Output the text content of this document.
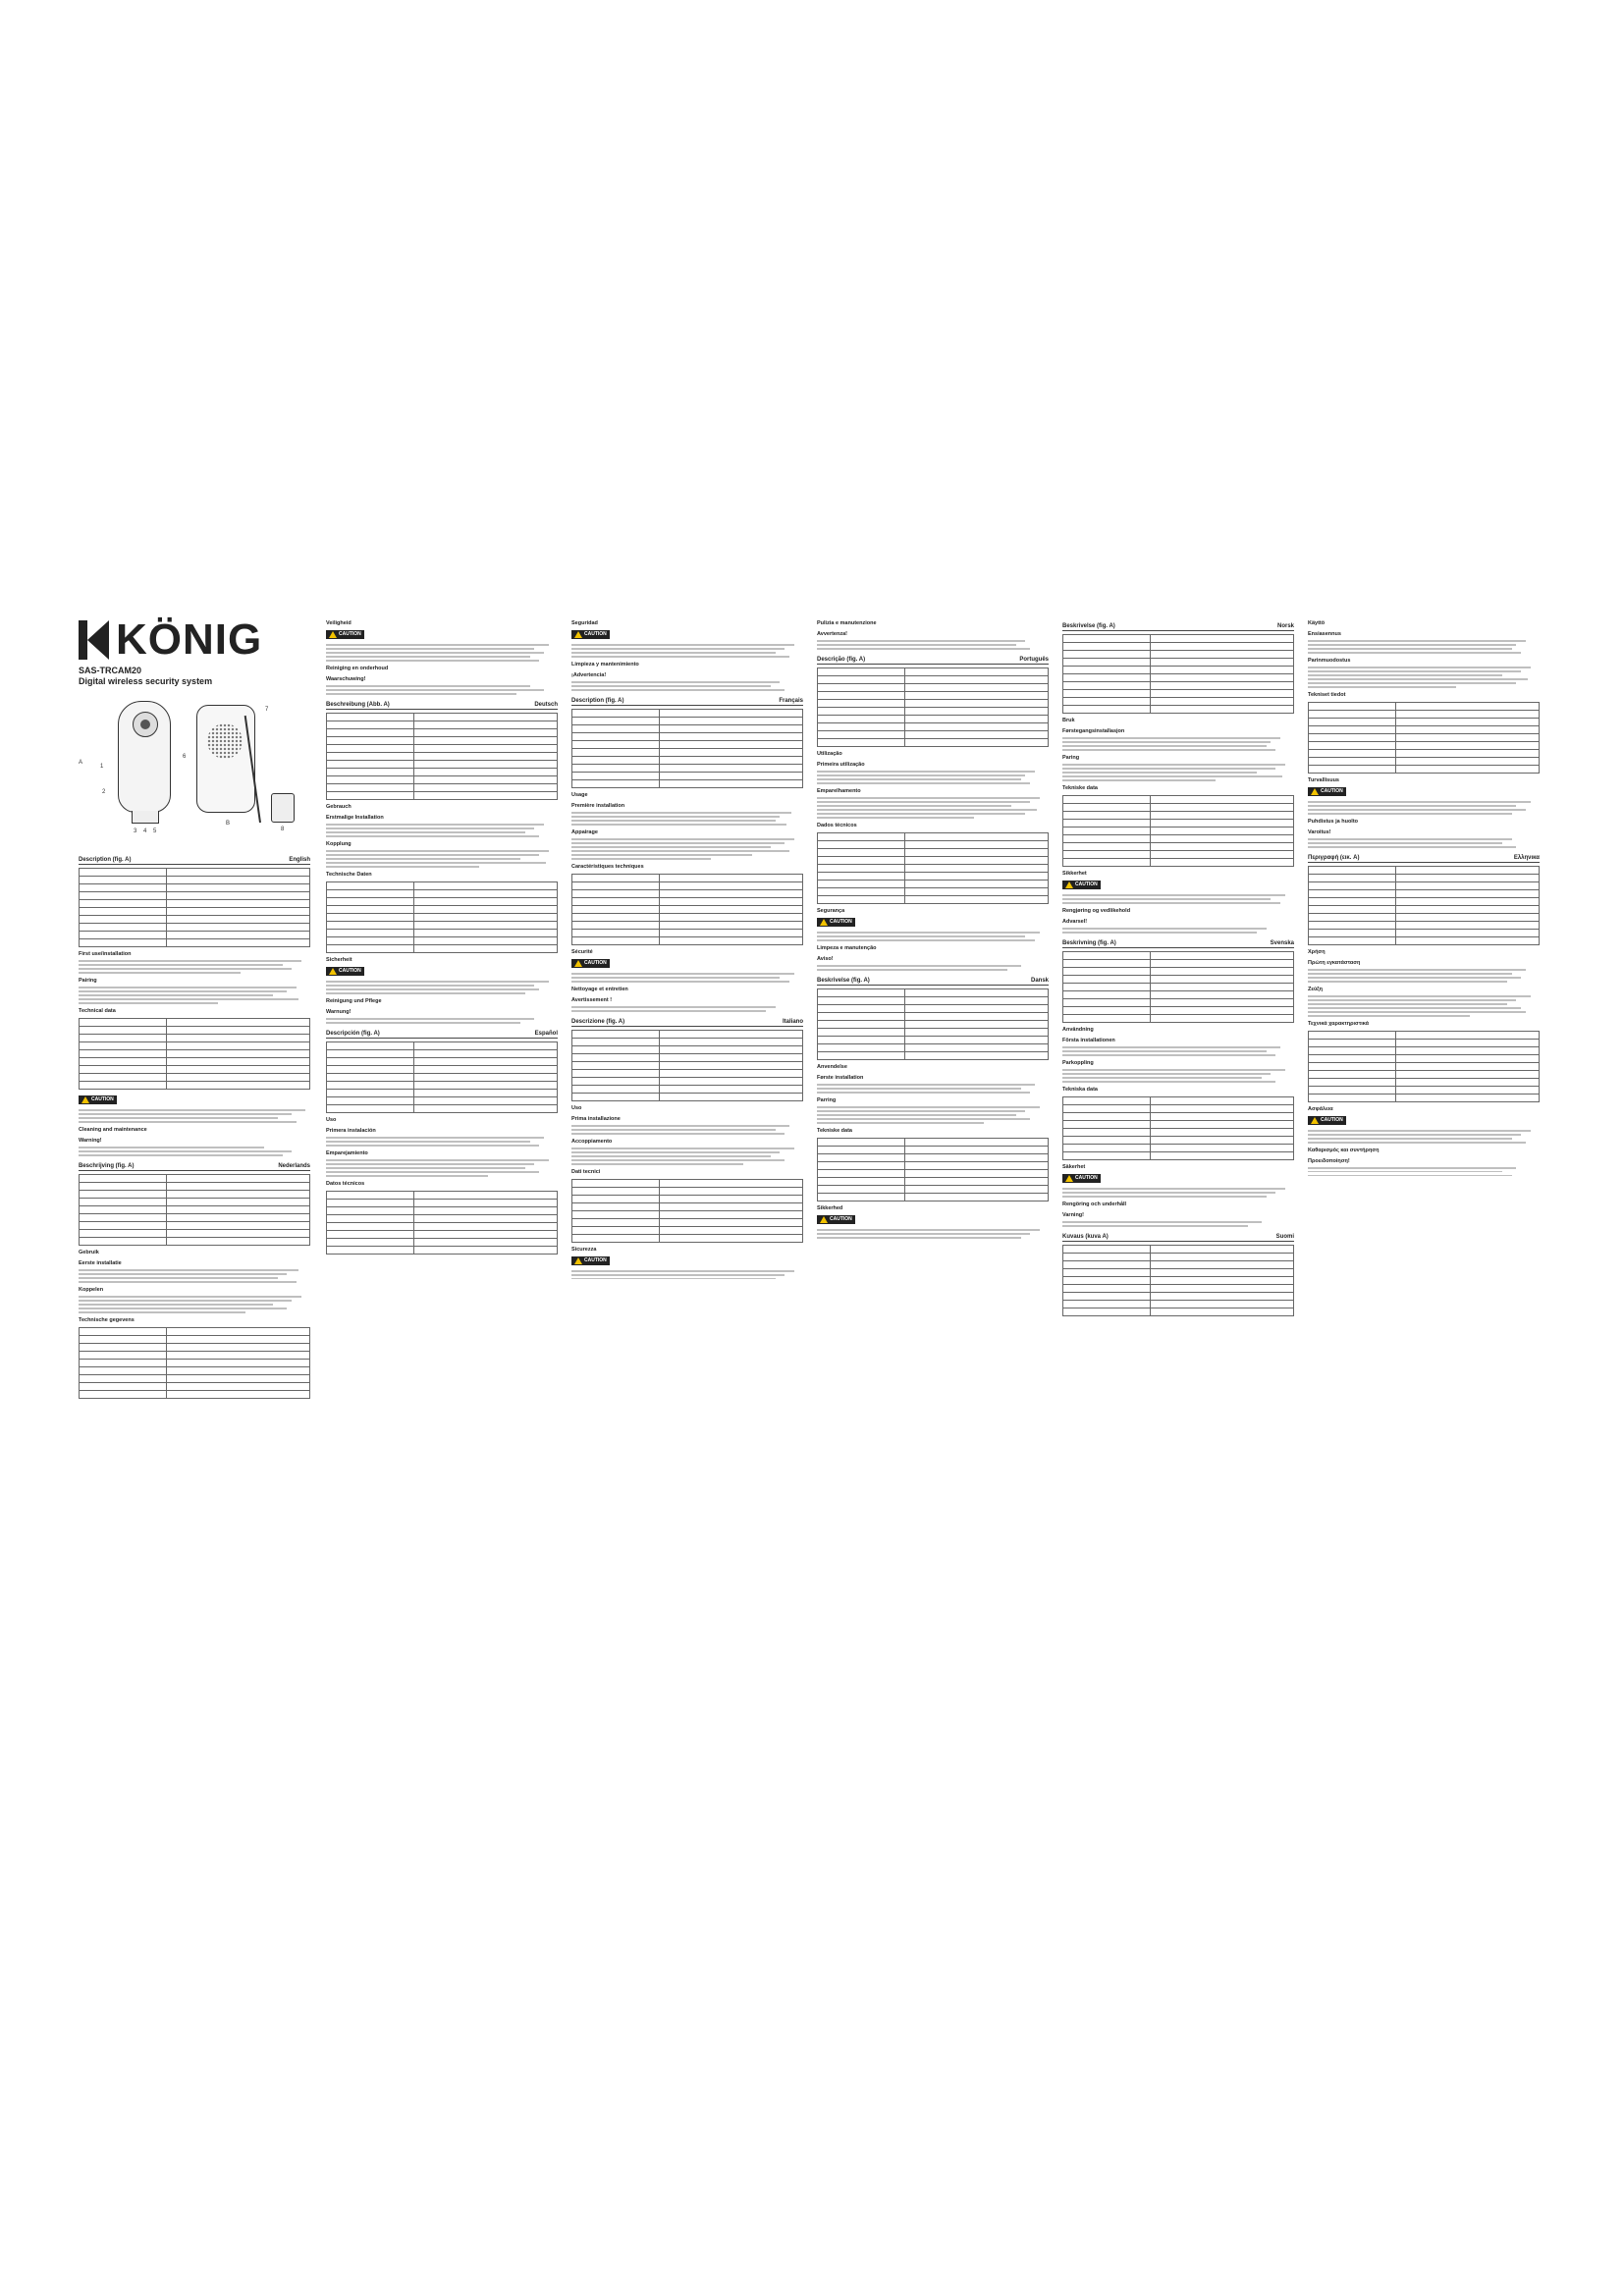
KÖNIG
SAS-TRCAM20
Digital wireless security system
A
1
2
3 4 5
6
B
7
8
Description (fig. A)	English

First use/installation
Pairing
Technical data

CAUTION
Cleaning and maintenance
Warning!
Beschrijving (fig. A)	Nederlands

Gebruik
Eerste installatie
Koppelen
Technische gegevens

Veiligheid
CAUTION
Reiniging en onderhoud
Waarschuwing!
Beschreibung (Abb. A)	Deutsch

Gebrauch
Erstmalige Installation
Kopplung
Technische Daten

Sicherheit
CAUTION
Reinigung und Pflege
Warnung!
Descripción (fig. A)	Español

Uso
Primera instalación
Emparejamiento
Datos técnicos

Seguridad
CAUTION
Limpieza y mantenimiento
¡Advertencia!
Description (fig. A)	Français

Usage
Première installation
Appairage
Caractéristiques techniques

Sécurité
CAUTION
Nettoyage et entretien
Avertissement !
Descrizione (fig. A)	Italiano

Uso
Prima installazione
Accoppiamento
Dati tecnici

Sicurezza
CAUTION
Pulizia e manutenzione
Avvertenza!
Descrição (fig. A)	Português

Utilização
Primeira utilização
Emparelhamento
Dados técnicos

Segurança
CAUTION
Limpeza e manutenção
Aviso!
Beskrivelse (fig. A)	Dansk

Anvendelse
Første installation
Parring
Tekniske data

Sikkerhed
CAUTION
Beskrivelse (fig. A)	Norsk

Bruk
Førstegangsinstallasjon
Paring
Tekniske data

Sikkerhet
CAUTION
Rengjøring og vedlikehold
Advarsel!
Beskrivning (fig. A)	Svenska

Användning
Första installationen
Parkoppling
Tekniska data

Säkerhet
CAUTION
Rengöring och underhåll
Varning!
Kuvaus (kuva A)	Suomi

Käyttö
Ensiasennus
Parinmuodostus
Tekniset tiedot

Turvallisuus
CAUTION
Puhdistus ja huolto
Varoitus!
Περιγραφή (εικ. A)	Ελληνικα

Χρήση
Πρώτη εγκατάσταση
Ζεύξη
Τεχνικά χαρακτηριστικά

Ασφάλεια
CAUTION
Καθαρισμός και συντήρηση
Προειδοποίηση!
